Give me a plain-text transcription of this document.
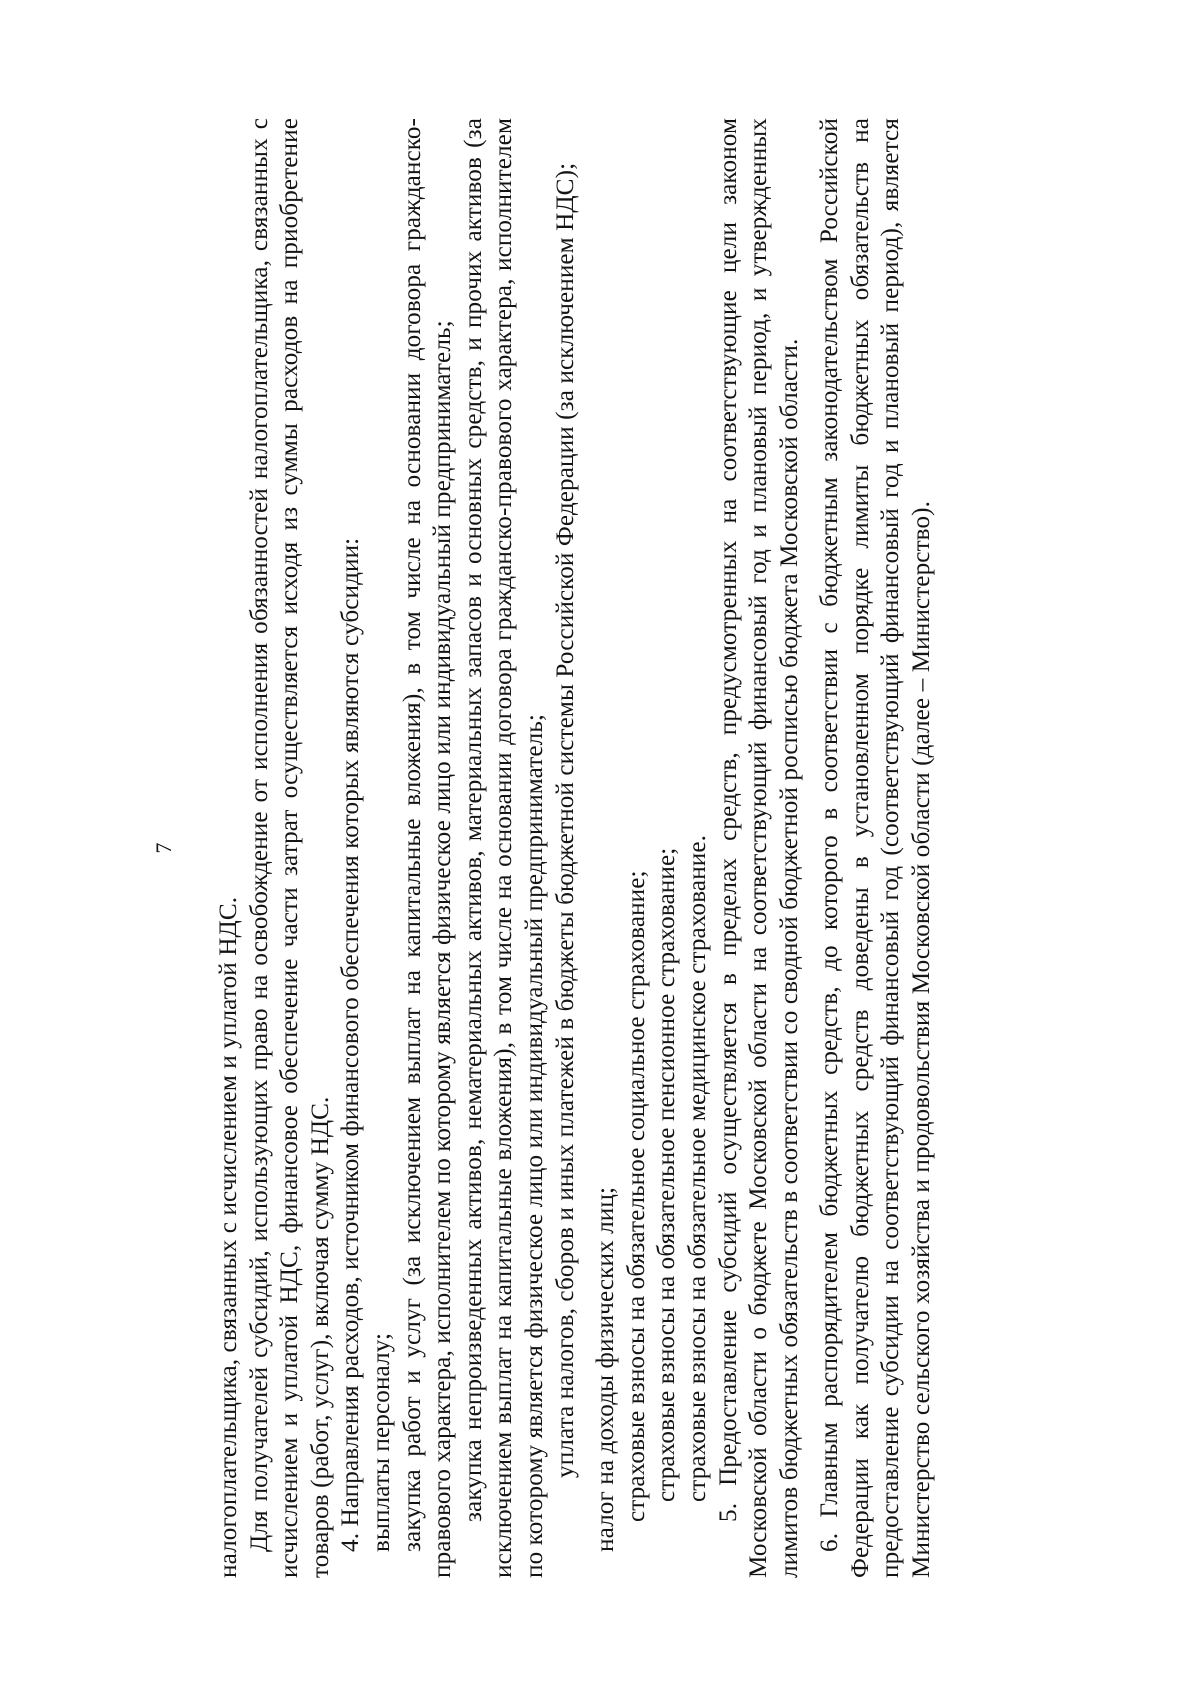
7

налогоплательщика, связанных с исчислением и уплатой НДС. Для получателей субсидий, использующих право на освобождение от исполнения обязанностей налогоплательщика, связанных с исчислением и уплатой НДС, финансовое обеспечение части затрат осуществляется исходя из суммы расходов на приобретение товаров (работ, услуг), включая сумму НДС. 4. Направления расходов, источником финансового обеспечения которых являются субсидии: выплаты персоналу; закупка работ и услуг (за исключением выплат на капитальные вложения), в том числе на основании договора гражданско-правового характера, исполнителем по которому является физическое лицо или индивидуальный предприниматель; закупка непроизведенных активов, нематериальных активов, материальных запасов и основных средств, и прочих активов (за исключением выплат на капитальные вложения), в том числе на основании договора гражданско-правового характера, исполнителем по которому является физическое лицо или индивидуальный предприниматель; уплата налогов, сборов и иных платежей в бюджеты бюджетной системы Российской Федерации (за исключением НДС); налог на доходы физических лиц; страховые взносы на обязательное социальное страхование; страховые взносы на обязательное пенсионное страхование; страховые взносы на обязательное медицинское страхование. 5. Предоставление субсидий осуществляется в пределах средств, предусмотренных на соответствующие цели законом Московской области о бюджете Московской области на соответствующий финансовый год и плановый период, и утвержденных лимитов бюджетных обязательств в соответствии со сводной бюджетной росписью бюджета Московской области. 6. Главным распорядителем бюджетных средств, до которого в соответствии с бюджетным законодательством Российской Федерации как получателю бюджетных средств доведены в установленном порядке лимиты бюджетных обязательств на предоставление субсидии на соответствующий финансовый год (соответствующий финансовый год и плановый период), является Министерство сельского хозяйства и продовольствия Московской области (далее – Министерство).
